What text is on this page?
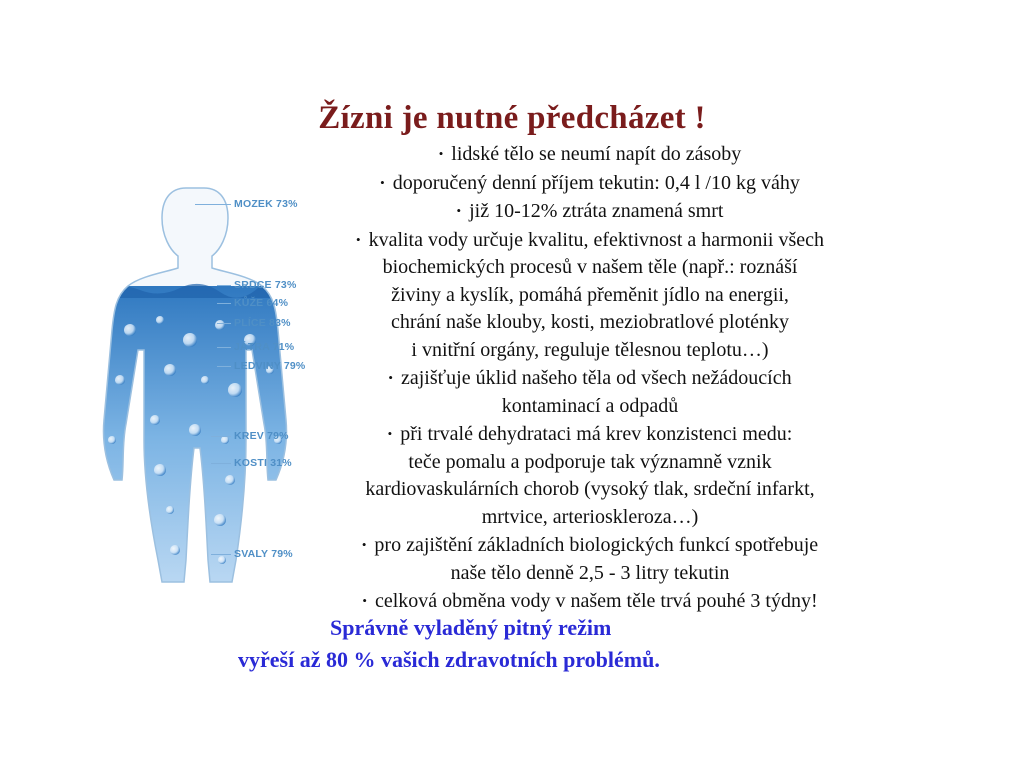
Žízni je nutné předcházet !
MOZEK 73%
SRDCE 73%
KŮŽE 64%
PLÍCE 83%
JÁTRA 71%
LEDVINY 79%
KREV 79%
KOSTI 31%
SVALY 79%
• lidské tělo se neumí napít do zásoby
• doporučený denní příjem tekutin: 0,4 l /10 kg váhy
• již 10-12% ztráta znamená smrt
• kvalita vody určuje kvalitu, efektivnost a harmonii všech
biochemických procesů v našem těle (např.: roznáší
živiny a kyslík, pomáhá přeměnit jídlo na energii,
chrání naše klouby, kosti, meziobratlové ploténky
i vnitřní orgány, reguluje tělesnou teplotu…)
• zajišťuje úklid našeho těla od všech nežádoucích
kontaminací a odpadů
• při trvalé dehydrataci má krev konzistenci medu:
teče pomalu a podporuje tak významně vznik
kardiovaskulárních chorob (vysoký tlak, srdeční infarkt,
mrtvice, arterioskleroza…)
• pro zajištění základních biologických funkcí spotřebuje
naše tělo denně 2,5 - 3 litry tekutin
• celková obměna vody v našem těle trvá pouhé 3 týdny!
Správně vyladěný pitný režim
vyřeší až 80 % vašich zdravotních problémů.
